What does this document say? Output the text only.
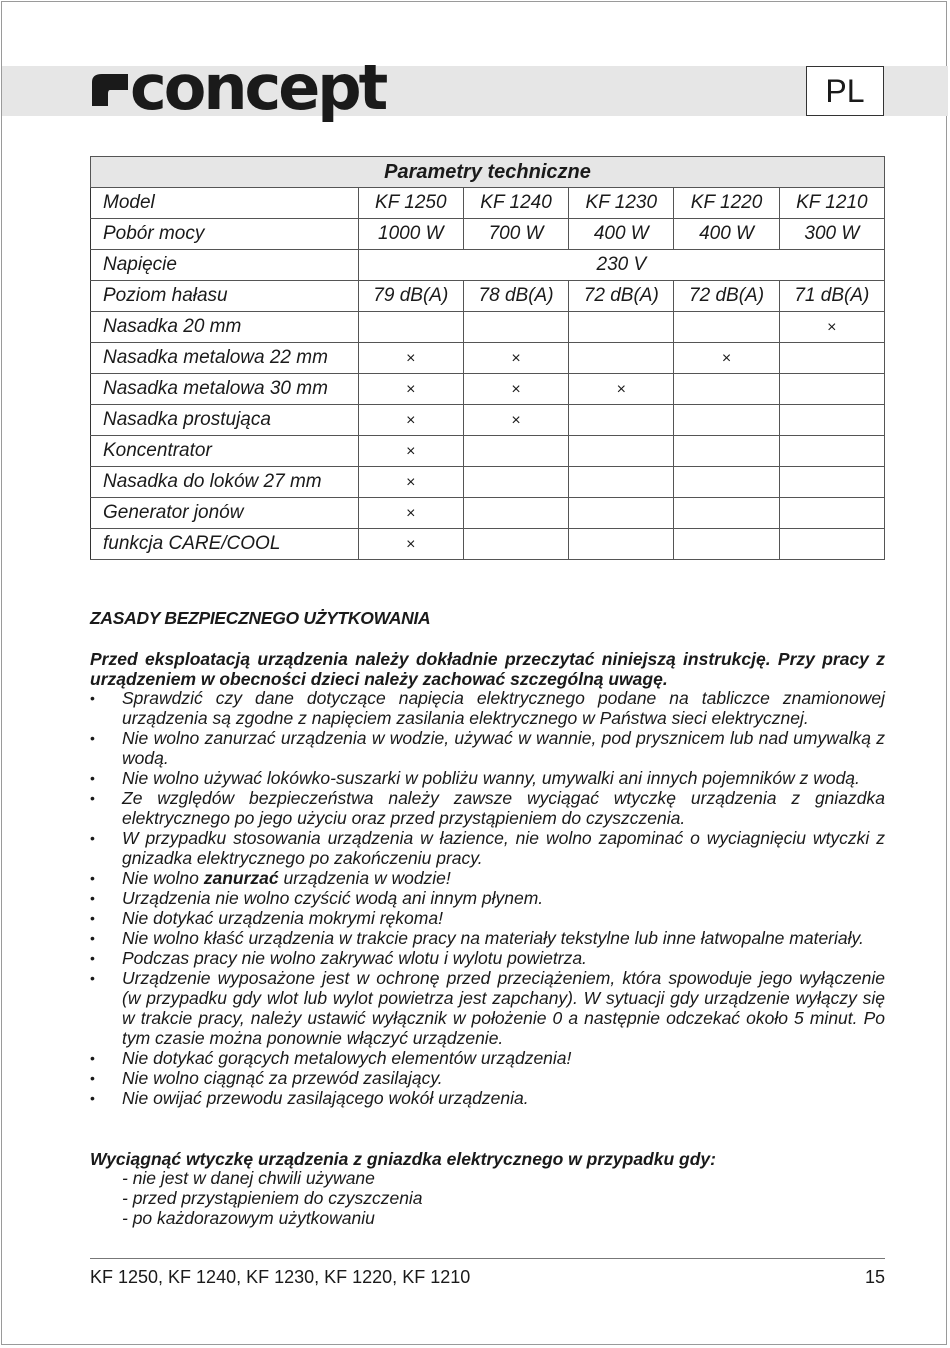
concept	PL
Parametry techniczne					
Model	KF 1250	KF 1240	KF 1230	KF 1220	KF 1210
Pobór mocy	1000 W	700 W	400 W	400 W	300 W
Napięcie	230 V				
Poziom hałasu	79 dB(A)	78 dB(A)	72 dB(A)	72 dB(A)	71 dB(A)
Nasadka 20 mm					×
Nasadka metalowa 22 mm	×	×		×	
Nasadka metalowa 30 mm	×	×	×		
Nasadka prostująca	×	×			
Koncentrator	×				
Nasadka do loków 27 mm	×				
Generator jonów	×				
funkcja CARE/COOL	×				
ZASADY BEZPIECZNEGO UŻYTKOWANIA
Przed eksploatacją urządzenia należy dokładnie przeczytać niniejszą instrukcję. Przy pracy z urządzeniem w obecności dzieci należy zachować szczególną uwagę.
• Sprawdzić czy dane dotyczące napięcia elektrycznego podane na tabliczce znamionowej urządzenia są zgodne z napięciem zasilania elektrycznego w Państwa sieci elektrycznej.
• Nie wolno zanurzać urządzenia w wodzie, używać w wannie, pod prysznicem lub nad umywalką z wodą.
• Nie wolno używać lokówko-suszarki w pobliżu wanny, umywalki ani innych pojemników z wodą.
• Ze względów bezpieczeństwa należy zawsze wyciągać wtyczkę urządzenia z gniazdka elektrycznego po jego użyciu oraz przed przystąpieniem do czyszczenia.
• W przypadku stosowania urządzenia w łazience, nie wolno zapominać o wyciagnięciu wtyczki z gnizadka elektrycznego po zakończeniu pracy.
• Nie wolno zanurzać urządzenia w wodzie!
• Urządzenia nie wolno czyścić wodą ani innym płynem.
• Nie dotykać urządzenia mokrymi rękoma!
• Nie wolno kłaść urządzenia w trakcie pracy na materiały tekstylne lub inne łatwopalne materiały.
• Podczas pracy nie wolno zakrywać wlotu i wylotu powietrza.
• Urządzenie wyposażone jest w ochronę przed przeciążeniem, która spowoduje jego wyłączenie (w przypadku gdy wlot lub wylot powietrza jest zapchany). W sytuacji gdy urządzenie wyłączy się w trakcie pracy, należy ustawić wyłącznik w położenie 0 a następnie odczekać około 5 minut. Po tym czasie można ponownie włączyć urządzenie.
• Nie dotykać gorących metalowych elementów urządzenia!
• Nie wolno ciągnąć za przewód zasilający.
• Nie owijać przewodu zasilającego wokół urządzenia.
Wyciągnąć wtyczkę urządzenia z gniazdka elektrycznego w przypadku gdy:
- nie jest w danej chwili używane
- przed przystąpieniem do czyszczenia
- po każdorazowym użytkowaniu
KF 1250, KF 1240, KF 1230, KF 1220, KF 1210	15
